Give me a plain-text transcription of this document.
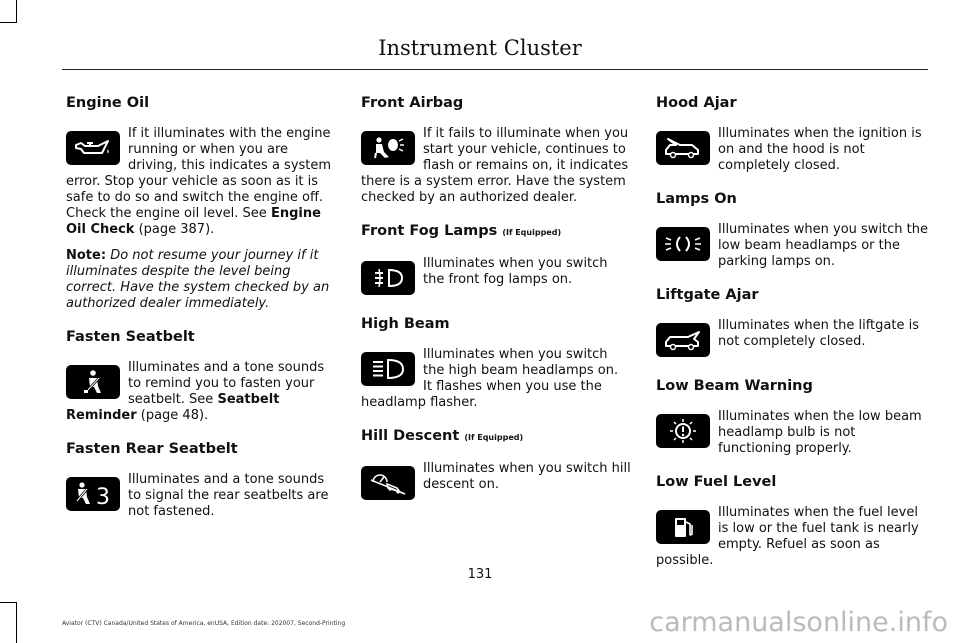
Instrument Cluster
Engine Oil

If it illuminates with the engine running or when you are driving, this indicates a system error. Stop your vehicle as soon as it is safe to do so and switch the engine off. Check the engine oil level. See Engine Oil Check (page 387).

Note: Do not resume your journey if it illuminates despite the level being correct. Have the system checked by an authorized dealer immediately.

Fasten Seatbelt

Illuminates and a tone sounds to remind you to fasten your seatbelt. See Seatbelt Reminder (page 48).

Fasten Rear Seatbelt
3

Illuminates and a tone sounds to signal the rear seatbelts are not fastened.

Front Airbag

If it fails to illuminate when you start your vehicle, continues to flash or remains on, it indicates there is a system error. Have the system checked by an authorized dealer.

Front Fog Lamps (If Equipped)

Illuminates when you switch the front fog lamps on.

High Beam

Illuminates when you switch the high beam headlamps on. It flashes when you use the headlamp flasher.

Hill Descent (If Equipped)

Illuminates when you switch hill descent on.

Hood Ajar

Illuminates when the ignition is on and the hood is not completely closed.

Lamps On

Illuminates when you switch the low beam headlamps or the parking lamps on.

Liftgate Ajar

Illuminates when the liftgate is not completely closed.

Low Beam Warning

Illuminates when the low beam headlamp bulb is not functioning properly.

Low Fuel Level

Illuminates when the fuel level is low or the fuel tank is nearly empty. Refuel as soon as possible.

131
Aviator (CTV) Canada/United States of America, enUSA, Edition date: 202007, Second-Printing	carmanualsonline.info
